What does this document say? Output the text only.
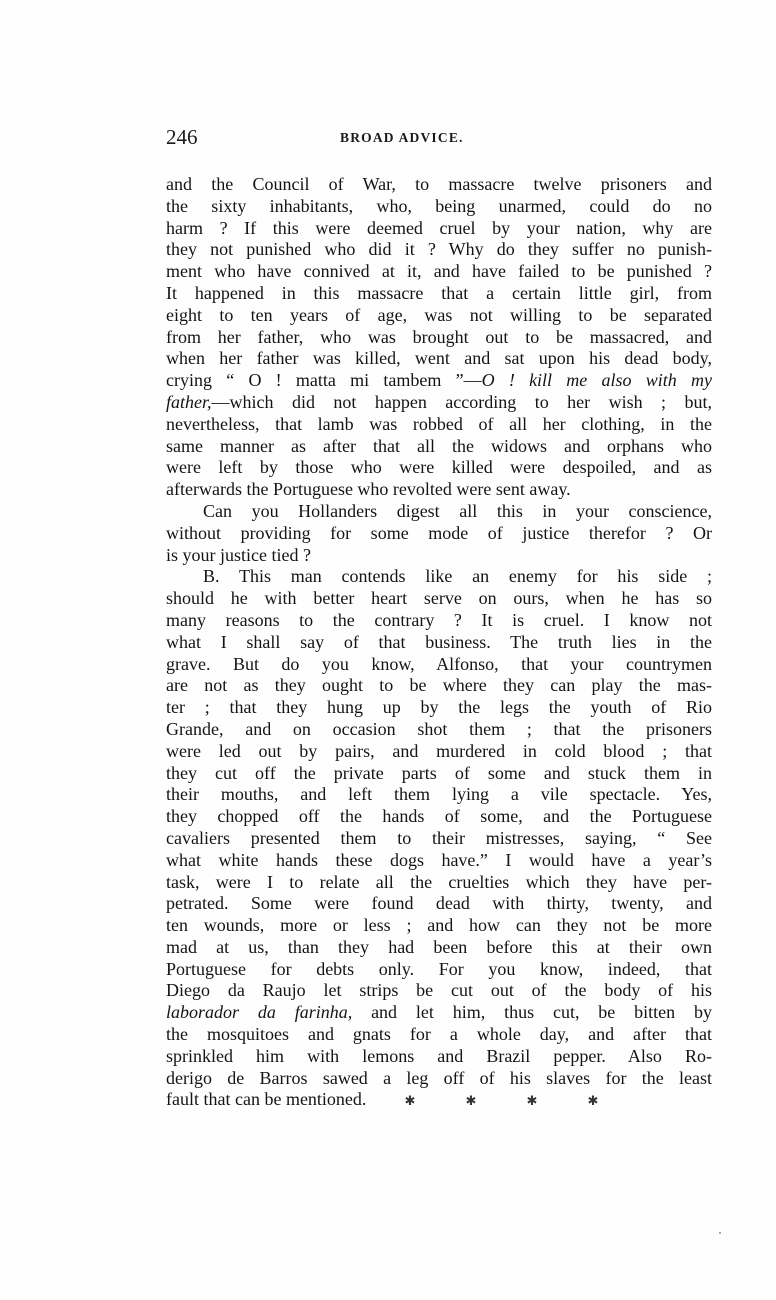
246	BROAD ADVICE.
and the Council of War, to massacre twelve prisoners and
the sixty inhabitants, who, being unarmed, could do no
harm ? If this were deemed cruel by your nation, why are
they not punished who did it ? Why do they suffer no punish-
ment who have connived at it, and have failed to be punished ?
It happened in this massacre that a certain little girl, from
eight to ten years of age, was not willing to be separated
from her father, who was brought out to be massacred, and
when her father was killed, went and sat upon his dead body,
crying “ O ! matta mi tambem ”—O ! kill me also with my
father,—which did not happen according to her wish ; but,
nevertheless, that lamb was robbed of all her clothing, in the
same manner as after that all the widows and orphans who
were left by those who were killed were despoiled, and as
afterwards the Portuguese who revolted were sent away.
Can you Hollanders digest all this in your conscience,
without providing for some mode of justice therefor ? Or
is your justice tied ?
B. This man contends like an enemy for his side ;
should he with better heart serve on ours, when he has so
many reasons to the contrary ? It is cruel. I know not
what I shall say of that business. The truth lies in the
grave. But do you know, Alfonso, that your countrymen
are not as they ought to be where they can play the mas-
ter ; that they hung up by the legs the youth of Rio
Grande, and on occasion shot them ; that the prisoners
were led out by pairs, and murdered in cold blood ; that
they cut off the private parts of some and stuck them in
their mouths, and left them lying a vile spectacle. Yes,
they chopped off the hands of some, and the Portuguese
cavaliers presented them to their mistresses, saying, “ See
what white hands these dogs have.” I would have a year’s
task, were I to relate all the cruelties which they have per-
petrated. Some were found dead with thirty, twenty, and
ten wounds, more or less ; and how can they not be more
mad at us, than they had been before this at their own
Portuguese for debts only. For you know, indeed, that
Diego da Raujo let strips be cut out of the body of his
laborador da farinha, and let him, thus cut, be bitten by
the mosquitoes and gnats for a whole day, and after that
sprinkled him with lemons and Brazil pepper. Also Ro-
derigo de Barros sawed a leg off of his slaves for the least
fault that can be mentioned.	✱	✱	✱	✱
